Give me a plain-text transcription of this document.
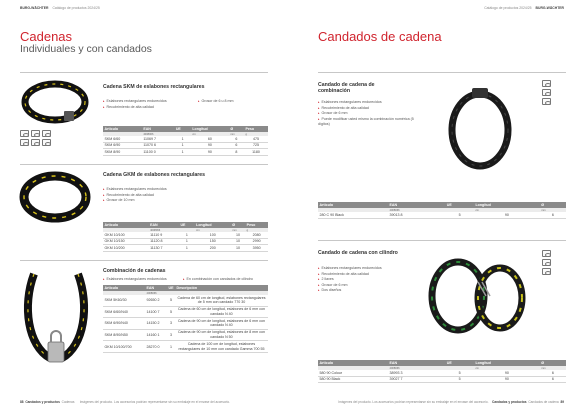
BURG-WÄCHTER Catálogo de productos 2024/25
Cadenas
Individuales y con candados
Cadena SKM de eslabones rectangulares
▸ Eslabones rectangulares endurecidos
▸ Recubrimiento de alta calidad
▸ Grosor de 6 u 8 mm
Artículo	EAN	UE	Longitud	Ø	Peso
	4008066		cm	mm	g
SKM 6/60	11069 7	1	60	6	475
SKM 6/90	11070 6	1	90	6	725
SKM 8/90	11100 0	1	90	8	1180
Cadena GKM de eslabones rectangulares
▸ Eslabones rectangulares endurecidos
▸ Recubrimiento de alta calidad
▸ Grosor de 10 mm
Artículo	EAN	UE	Longitud	Ø	Peso
	4008066		cm	mm	g
GKM 10/100	11110 9	1	100	10	2080
GKM 10/150	11120 8	1	150	10	2990
GKM 10/200	11130 7	1	200	10	3950
Combinación de cadenas
▸ Eslabones rectangulares endurecidos	▸ En combinación con candados de cilindro
Artículo	EAN	UE	Descripción
	4008066		
SKM 5K60/30	92650 2	5	Cadena de 60 cm de longitud, eslabones rectangulares de 5 mm con candado 770 30
SKM 6/60/N40	14100 7	5	Cadena de 60 cm de longitud, eslabones de 6 mm con candado N 40
SKM 6/90/N40	14150 2	3	Cadena de 90 cm de longitud, eslabones de 6 mm con candado N 40
SKM 8/90/N50	14160 1	3	Cadena de 90 cm de longitud, eslabones de 8 mm con candado N 50
GKM 10/100/700	28270 0	1	Cadena de 100 cm de longitud, eslabones rectangulares de 10 mm con candado Gamma 700 55
88 Candados y productos Cadenas Imágenes del producto. Los accesorios podrían representarse sin su embalaje en el envase del accesorio.
Catálogo de productos 2024/25 BURG-WÄCHTER
Candados de cadena
Candado de cadena de combinación
▸ Eslabones rectangulares endurecidos
▸ Recubrimiento de alta calidad
▸ Grosor de 6 mm
▸ Puede modificar usted mismo la combinación numérica (5 dígitos)
Artículo	EAN	UE	Longitud	Ø
	4008066		cm	mm
280 C 90 Black	39013 8	5	90	6
Candado de cadena con cilindro
▸ Eslabones rectangulares endurecidos
▸ Recubrimiento de alta calidad
▸ 2 llaves
▸ Grosor de 6 mm
▸ Dos diseños
Artículo	EAN	UE	Longitud	Ø
	4008066		cm	mm
580 90 Colour	38993 3	5	90	6
580 90 Black	39027 7	5	90	6
Imágenes del producto. Los accesorios podrían representarse sin su embalaje en el envase del accesorio. Candados y productos Candados de cadena 89
